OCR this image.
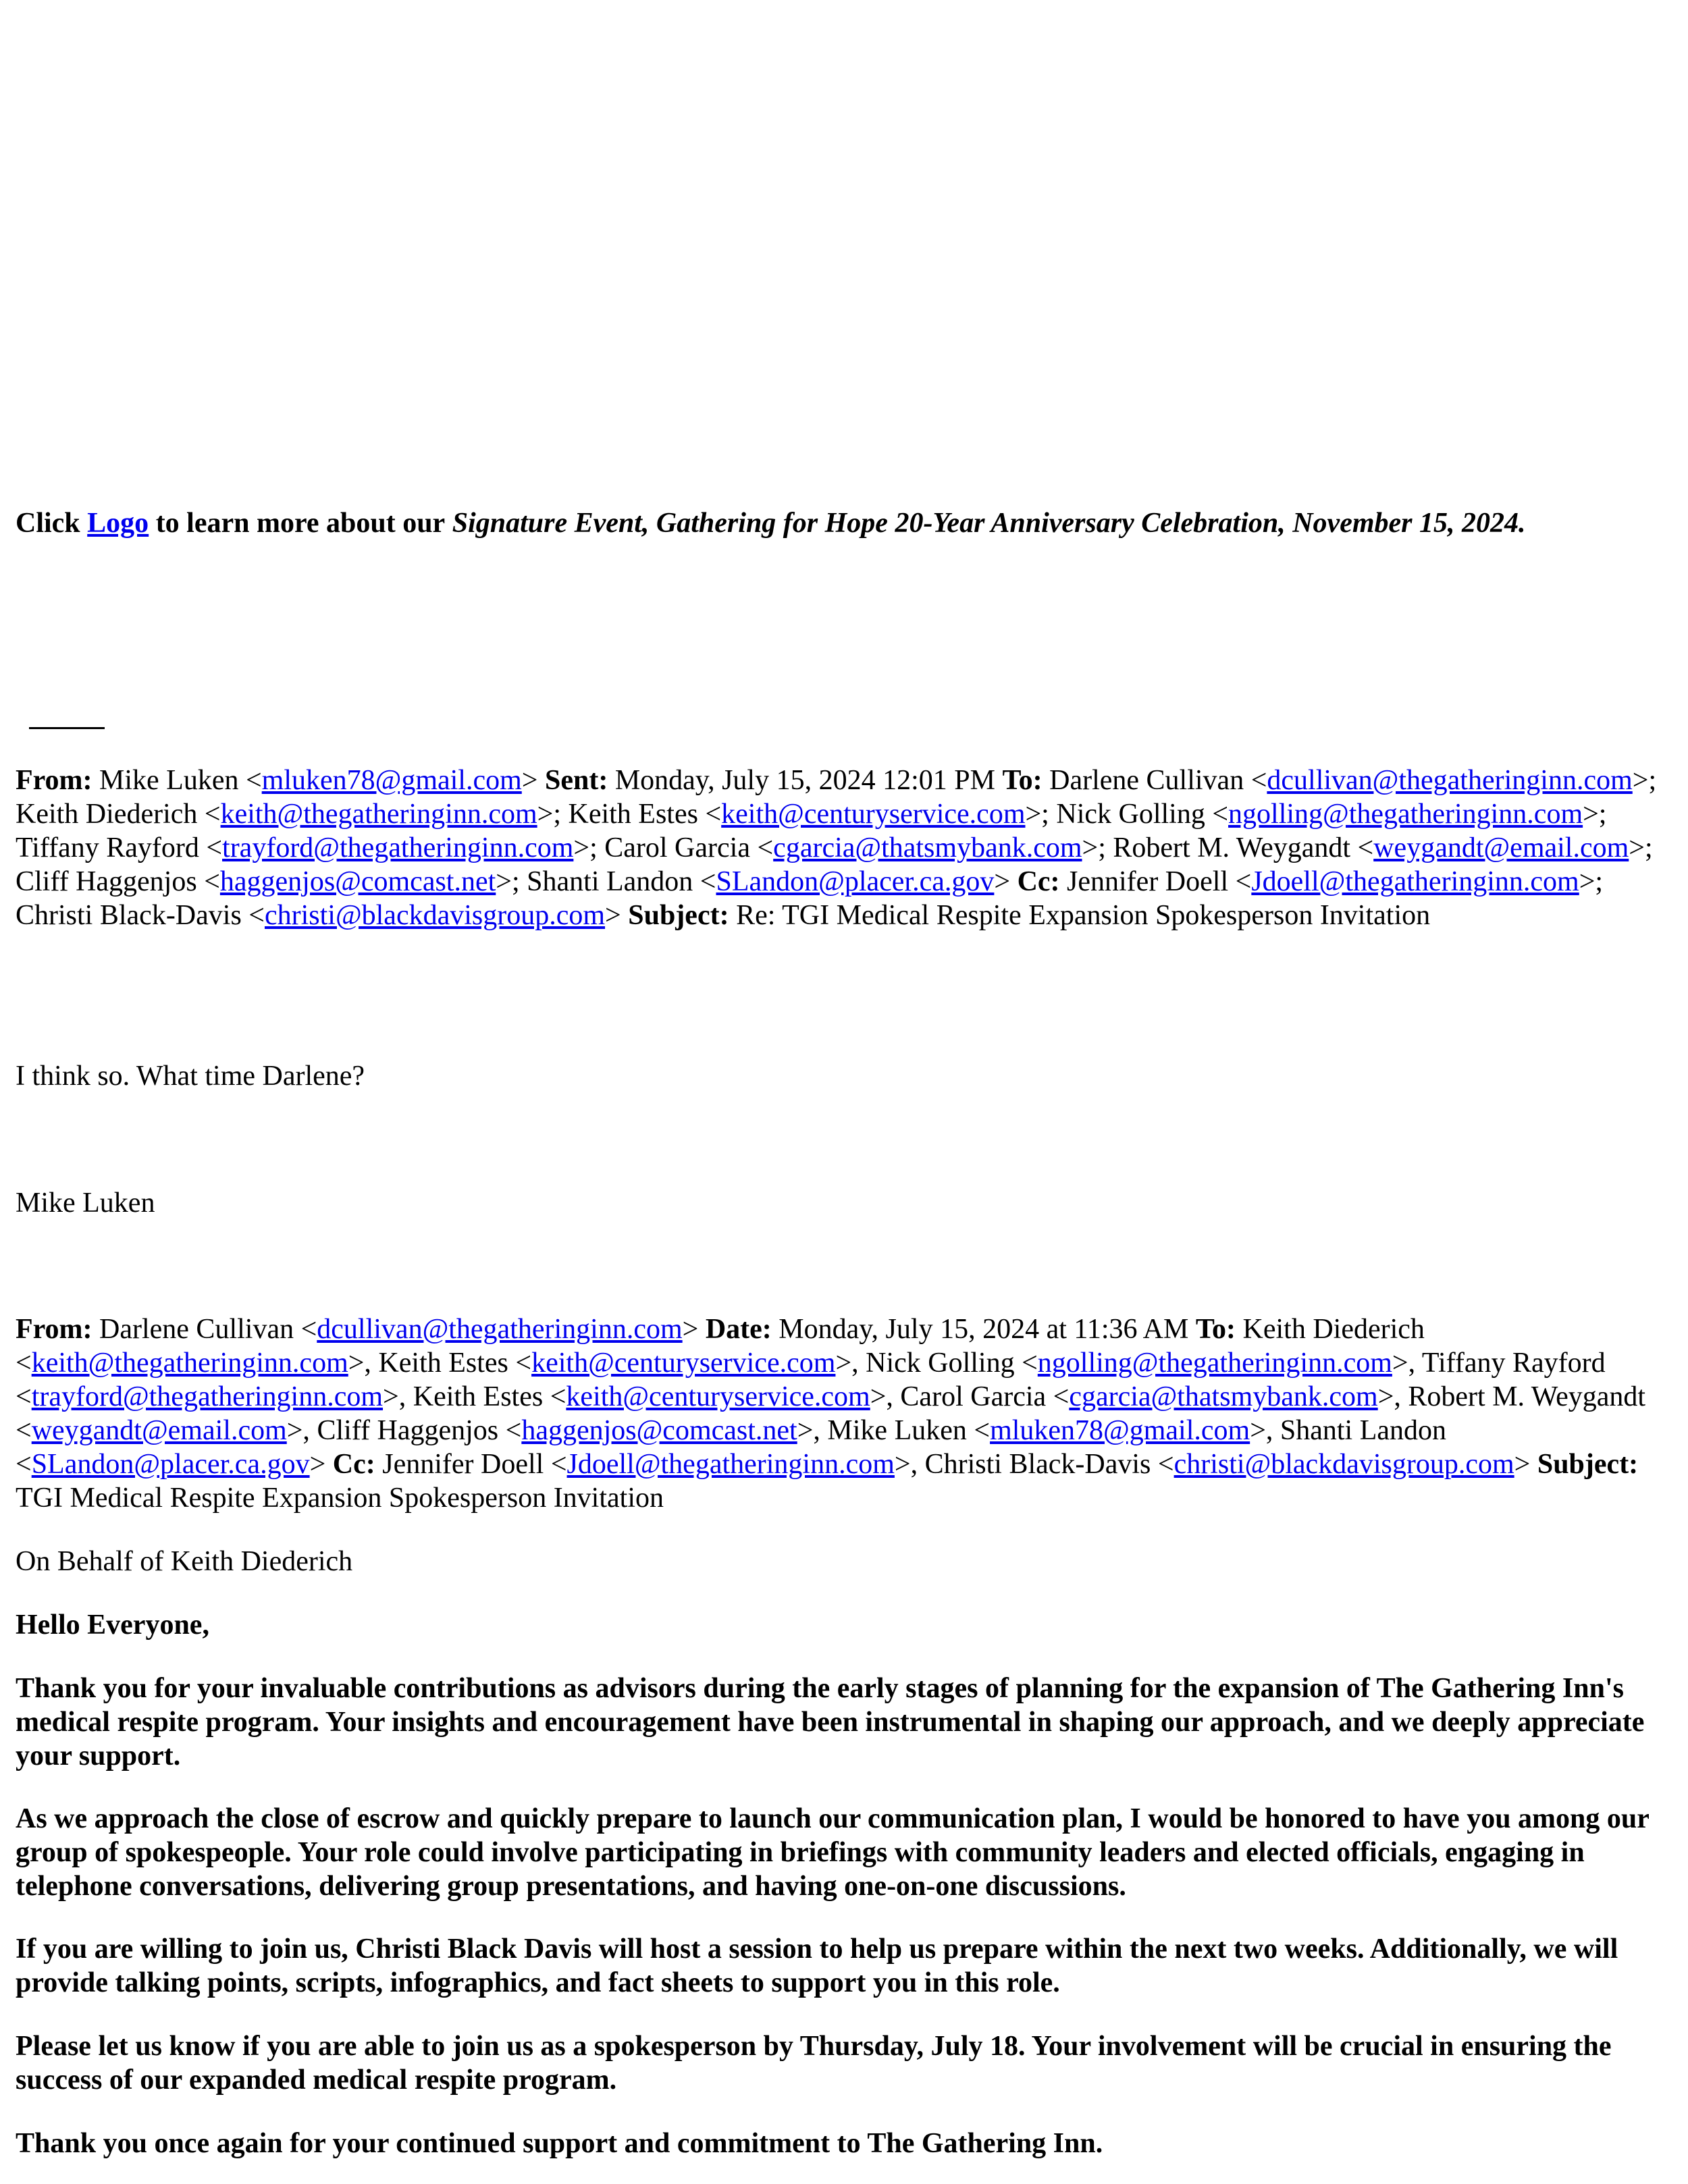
Click Logo to learn more about our Signature Event, Gathering for Hope 20-Year Anniversary Celebration, November 15, 2024.
From: Mike Luken <mluken78@gmail.com> Sent: Monday, July 15, 2024 12:01 PM To: Darlene Cullivan <dcullivan@thegatheringinn.com>; Keith Diederich <keith@thegatheringinn.com>; Keith Estes <keith@centuryservice.com>; Nick Golling <ngolling@thegatheringinn.com>; Tiffany Rayford <trayford@thegatheringinn.com>; Carol Garcia <cgarcia@thatsmybank.com>; Robert M. Weygandt <weygandt@email.com>; Cliff Haggenjos <haggenjos@comcast.net>; Shanti Landon <SLandon@placer.ca.gov> Cc: Jennifer Doell <Jdoell@thegatheringinn.com>; Christi Black-Davis <christi@blackdavisgroup.com> Subject: Re: TGI Medical Respite Expansion Spokesperson Invitation
I think so. What time Darlene?
Mike Luken
From: Darlene Cullivan <dcullivan@thegatheringinn.com> Date: Monday, July 15, 2024 at 11:36 AM To: Keith Diederich <keith@thegatheringinn.com>, Keith Estes <keith@centuryservice.com>, Nick Golling <ngolling@thegatheringinn.com>, Tiffany Rayford <trayford@thegatheringinn.com>, Keith Estes <keith@centuryservice.com>, Carol Garcia <cgarcia@thatsmybank.com>, Robert M. Weygandt <weygandt@email.com>, Cliff Haggenjos <haggenjos@comcast.net>, Mike Luken <mluken78@gmail.com>, Shanti Landon <SLandon@placer.ca.gov> Cc: Jennifer Doell <Jdoell@thegatheringinn.com>, Christi Black-Davis <christi@blackdavisgroup.com> Subject: TGI Medical Respite Expansion Spokesperson Invitation
On Behalf of Keith Diederich
Hello Everyone,
Thank you for your invaluable contributions as advisors during the early stages of planning for the expansion of The Gathering Inn's medical respite program. Your insights and encouragement have been instrumental in shaping our approach, and we deeply appreciate your support.
As we approach the close of escrow and quickly prepare to launch our communication plan, I would be honored to have you among our group of spokespeople. Your role could involve participating in briefings with community leaders and elected officials, engaging in telephone conversations, delivering group presentations, and having one-on-one discussions.
If you are willing to join us, Christi Black Davis will host a session to help us prepare within the next two weeks. Additionally, we will provide talking points, scripts, infographics, and fact sheets to support you in this role.
Please let us know if you are able to join us as a spokesperson by Thursday, July 18. Your involvement will be crucial in ensuring the success of our expanded medical respite program.
Thank you once again for your continued support and commitment to The Gathering Inn.
